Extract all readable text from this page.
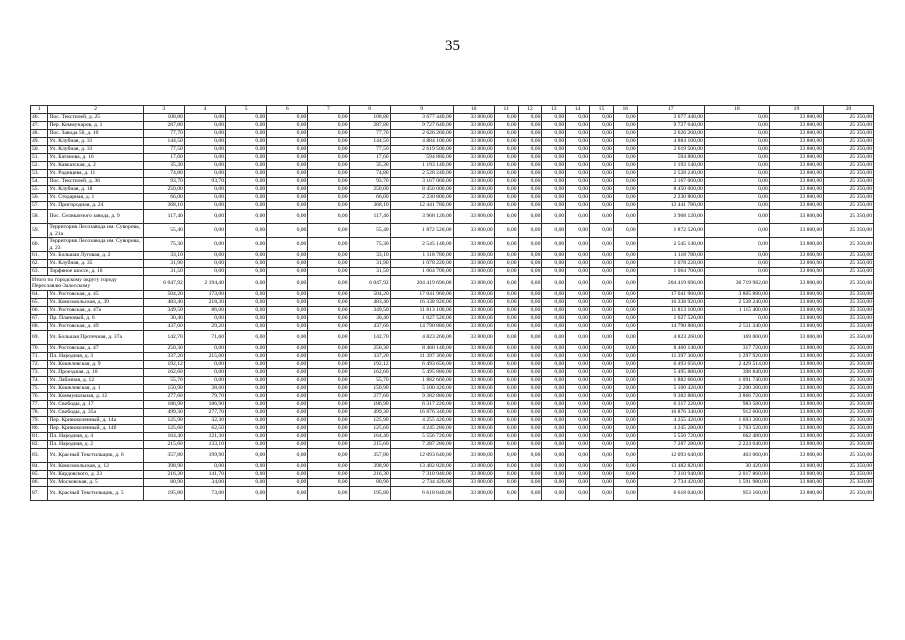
35
1	2	3	4	5	6	7	8	9	10	11	12	13	14	15	16	17	18	19	20
46.	Пос. Текстилей, д. 25	108,80	0,00	0,00	0,00	0,00	108,80	3 677 440,00	33 800,00	0,00	0,00	0,00	0,00	0,00	0,00	3 677 440,00	0,00	33 800,00	25 350,00
47.	Пер. Коммунаров, д. 1	287,80	0,00	0,00	0,00	0,00	287,80	9 727 640,00	33 800,00	0,00	0,00	0,00	0,00	0,00	0,00	9 727 640,00	0,00	33 800,00	25 350,00
48.	Пос. Завода 50, д. 10	77,70	0,00	0,00	0,00	0,00	77,70	2 626 260,00	33 800,00	0,00	0,00	0,00	0,00	0,00	0,00	2 626 260,00	0,00	33 800,00	25 350,00
49.	Ул. Клубная, д. 31	144,50	0,00	0,00	0,00	0,00	144,50	4 884 100,00	33 800,00	0,00	0,00	0,00	0,00	0,00	0,00	4 884 100,00	0,00	33 800,00	25 350,00
50.	Ул. Клубная, д. 33	77,50	0,00	0,00	0,00	0,00	77,50	2 619 500,00	33 800,00	0,00	0,00	0,00	0,00	0,00	0,00	2 619 500,00	0,00	33 800,00	25 350,00
51.	Ул. Батанова, д. 16	17,60	0,00	0,00	0,00	0,00	17,60	594 880,00	33 800,00	0,00	0,00	0,00	0,00	0,00	0,00	594 880,00	0,00	33 800,00	25 350,00
52.	Ул. Кавказская, д. 2	35,30	0,00	0,00	0,00	0,00	35,30	1 193 140,00	33 800,00	0,00	0,00	0,00	0,00	0,00	0,00	1 193 140,00	0,00	33 800,00	25 350,00
53.	Ул. Радищева, д. 11	74,80	0,00	0,00	0,00	0,00	74,80	2 528 240,00	33 800,00	0,00	0,00	0,00	0,00	0,00	0,00	2 528 240,00	0,00	33 800,00	25 350,00
54.	Пос. Текстилей, д. 36	93,70	93,70	0,00	0,00	0,00	93,70	3 167 060,00	33 800,00	0,00	0,00	0,00	0,00	0,00	0,00	3 167 060,00	0,00	33 800,00	25 350,00
55.	Ул. Клубная, д. 18	250,00	0,00	0,00	0,00	0,00	250,00	8 450 000,00	33 800,00	0,00	0,00	0,00	0,00	0,00	0,00	8 450 000,00	0,00	33 800,00	25 350,00
56.	Ул. Стодарная, д. 1	66,00	0,00	0,00	0,00	0,00	66,00	2 230 800,00	33 800,00	0,00	0,00	0,00	0,00	0,00	0,00	2 230 800,00	0,00	33 800,00	25 350,00
57.	Ул. Пригородная, д. 24	368,10	0,00	0,00	0,00	0,00	368,10	12 441 780,00	33 800,00	0,00	0,00	0,00	0,00	0,00	0,00	12 441 780,00	0,00	33 800,00	25 350,00
58.	Пос. Селикатного завода, д. 9	117,40	0,00	0,00	0,00	0,00	117,40	3 968 120,00	33 800,00	0,00	0,00	0,00	0,00	0,00	0,00	3 968 120,00	0,00	33 800,00	25 350,00
59.	Территория Лесозавода им. Суворова, д. 21а	55,40	0,00	0,00	0,00	0,00	55,40	1 872 520,00	33 800,00	0,00	0,00	0,00	0,00	0,00	0,00	1 872 520,00	0,00	33 800,00	25 350,00
60.	Территория Лесозавода им. Суворова, д. 23	75,30	0,00	0,00	0,00	0,00	75,30	2 545 140,00	33 800,00	0,00	0,00	0,00	0,00	0,00	0,00	2 545 140,00	0,00	33 800,00	25 350,00
61.	Ул. Большая Луговая, д. 2	33,10	0,00	0,00	0,00	0,00	33,10	1 118 780,00	33 800,00	0,00	0,00	0,00	0,00	0,00	0,00	1 118 780,00	0,00	33 800,00	25 350,00
62.	Ул. Клубная, д. 35	31,90	0,00	0,00	0,00	0,00	31,90	1 078 220,00	33 800,00	0,00	0,00	0,00	0,00	0,00	0,00	1 078 220,00	0,00	33 800,00	25 350,00
63.	Торфяное шоссе, д. 18	31,50	0,00	0,00	0,00	0,00	31,50	1 064 700,00	33 800,00	0,00	0,00	0,00	0,00	0,00	0,00	1 064 700,00	0,00	33 800,00	25 350,00
Итого по городскому округу городу Переславлю-Залесскому		6 047,92	2 194,40	0,00	0,00	0,00	6 047,92	204 419 696,00	33 800,00	0,00	0,00	0,00	0,00	0,00	0,00	204 419 696,00	36 719 982,00	33 800,00	25 350,00
64.	Ул. Ростовская, д. 45	504,20	173,00	0,00	0,00	0,00	504,20	17 041 960,00	33 800,00	0,00	0,00	0,00	0,00	0,00	0,00	17 041 960,00	3 805 880,00	33 800,00	25 350,00
65.	Ул. Комсомольская, д. 39	483,40	218,30	0,00	0,00	0,00	483,40	16 338 920,00	33 800,00	0,00	0,00	0,00	0,00	0,00	0,00	16 338 920,00	2 528 240,00	33 800,00	25 350,00
66.	Ул. Ростовская, д. 47а	349,50	86,00	0,00	0,00	0,00	349,50	11 813 100,00	33 800,00	0,00	0,00	0,00	0,00	0,00	0,00	11 813 100,00	1 115 400,00	33 800,00	25 350,00
67.	Пр. Плановый, д. 6	30,40	0,00	0,00	0,00	0,00	30,40	1 027 520,00	33 800,00	0,00	0,00	0,00	0,00	0,00	0,00	1 027 520,00	0,00	33 800,00	25 350,00
68.	Ул. Ростовская, д. 49	437,60	29,20	0,00	0,00	0,00	437,60	14 790 880,00	33 800,00	0,00	0,00	0,00	0,00	0,00	0,00	14 790 880,00	2 511 340,00	33 800,00	25 350,00
69.	Ул. Большая Протечная, д. 37а	142,70	71,60	0,00	0,00	0,00	142,70	4 823 260,00	33 800,00	0,00	0,00	0,00	0,00	0,00	0,00	4 823 260,00	169 000,00	33 800,00	25 350,00
70.	Ул. Ростовская, д. 47	250,30	0,00	0,00	0,00	0,00	250,30	8 460 140,00	33 800,00	0,00	0,00	0,00	0,00	0,00	0,00	8 460 140,00	317 720,00	33 800,00	25 350,00
71.	Пл. Народная, д. 3	337,20	215,00	0,00	0,00	0,00	337,20	11 397 360,00	33 800,00	0,00	0,00	0,00	0,00	0,00	0,00	11 397 360,00	1 297 920,00	33 800,00	25 350,00
72.	Ул. Кошелевская, д. 9	192,12	0,00	0,00	0,00	0,00	192,12	6 493 656,00	33 800,00	0,00	0,00	0,00	0,00	0,00	0,00	6 493 656,00	2 429 514,00	33 800,00	25 350,00
73.	Ул. Проездная, д. 10	162,60	0,00	0,00	0,00	0,00	162,60	5 495 880,00	33 800,00	0,00	0,00	0,00	0,00	0,00	0,00	5 495 880,00	398 840,00	33 800,00	25 350,00
74.	Ул. Лабазная, д. 12	55,70	0,00	0,00	0,00	0,00	55,70	1 882 660,00	33 800,00	0,00	0,00	0,00	0,00	0,00	0,00	1 882 660,00	1 091 740,00	33 800,00	25 350,00
75.	Ул. Кошелевская, д. 1	150,90	38,60	0,00	0,00	0,00	150,90	5 100 420,00	33 800,00	0,00	0,00	0,00	0,00	0,00	0,00	5 100 420,00	2 200 380,00	33 800,00	25 350,00
76.	Ул. Коммунальная, д. 12	277,60	79,70	0,00	0,00	0,00	277,60	9 382 880,00	33 800,00	0,00	0,00	0,00	0,00	0,00	0,00	9 382 880,00	3 866 720,00	33 800,00	25 350,00
77.	Ул. Свободы, д. 17	186,90	186,90	0,00	0,00	0,00	186,90	6 317 220,00	33 800,00	0,00	0,00	0,00	0,00	0,00	0,00	6 317 220,00	983 580,00	33 800,00	25 350,00
78.	Ул. Свободы, д. 35а	499,30	277,70	0,00	0,00	0,00	499,30	16 876 340,00	33 800,00	0,00	0,00	0,00	0,00	0,00	0,00	16 876 340,00	912 600,00	33 800,00	25 350,00
79.	Пер. Кривоколенный, д. 14а	125,90	32,30	0,00	0,00	0,00	125,90	4 255 420,00	33 800,00	0,00	0,00	0,00	0,00	0,00	0,00	4 255 420,00	1 693 380,00	33 800,00	25 350,00
80.	Пер. Кривоколенный, д. 14б	125,60	62,50	0,00	0,00	0,00	125,60	4 245 280,00	33 800,00	0,00	0,00	0,00	0,00	0,00	0,00	4 245 280,00	1 703 520,00	33 800,00	25 350,00
81.	Пл. Народная, д. 4	164,40	121,30	0,00	0,00	0,00	164,40	5 556 720,00	33 800,00	0,00	0,00	0,00	0,00	0,00	0,00	5 556 720,00	662 480,00	33 800,00	25 350,00
82.	Пл. Народная, д. 2	215,60	133,10	0,00	0,00	0,00	215,60	7 287 280,00	33 800,00	0,00	0,00	0,00	0,00	0,00	0,00	7 287 280,00	2 224 040,00	33 800,00	25 350,00
83.	Ул. Красный Текстильщик, д. 6	357,80	199,90	0,00	0,00	0,00	357,80	12 093 640,00	33 800,00	0,00	0,00	0,00	0,00	0,00	0,00	12 093 640,00	463 060,00	33 800,00	25 350,00
84.	Ул. Комсомольская, д. 12	398,90	0,00	0,00	0,00	0,00	398,90	13 482 820,00	33 800,00	0,00	0,00	0,00	0,00	0,00	0,00	13 482 820,00	30 420,00	33 800,00	25 350,00
85.	Ул. Кардовского, д. 23	216,30	141,70	0,00	0,00	0,00	216,30	7 310 940,00	33 800,00	0,00	0,00	0,00	0,00	0,00	0,00	7 310 940,00	2 017 860,00	33 800,00	25 350,00
86.	Ул. Московская, д. 5	80,90	34,00	0,00	0,00	0,00	80,90	2 734 420,00	33 800,00	0,00	0,00	0,00	0,00	0,00	0,00	2 734 420,00	1 591 980,00	33 800,00	25 350,00
87.	Ул. Красный Текстильщик, д. 5	195,80	73,00	0,00	0,00	0,00	195,80	6 618 040,00	33 800,00	0,00	0,00	0,00	0,00	0,00	0,00	6 618 040,00	953 160,00	33 800,00	25 350,00
